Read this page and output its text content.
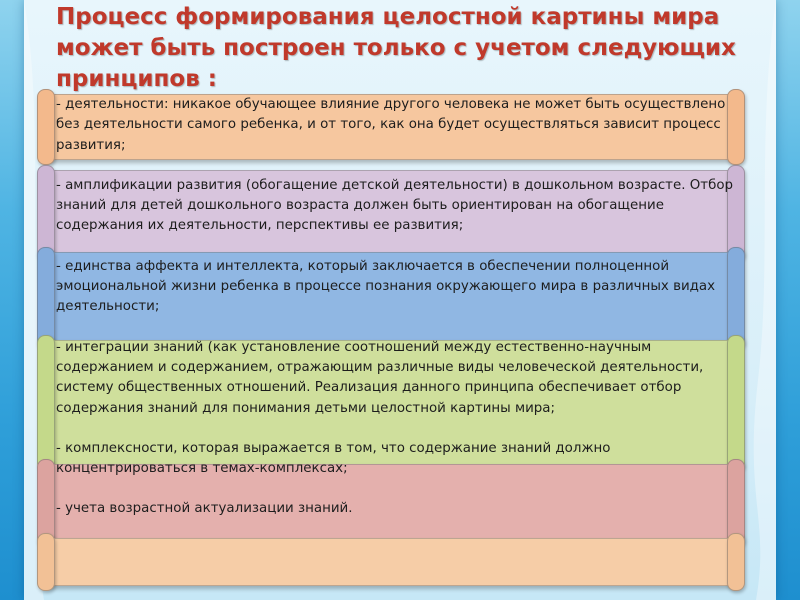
Процесс формирования целостной картины мира может быть построен только с учетом следующих принципов :

- деятельности: никакое обучающее влияние другого человека не может быть осуществлено без деятельности самого ребенка, и от того, как она будет осуществляться зависит процесс развития;

- амплификации развития (обогащение детской деятельности) в дошкольном возрасте. Отбор знаний для детей дошкольного возраста должен быть ориентирован на обогащение содержания их деятельности, перспективы ее развития;

- единства аффекта и интеллекта, который заключается в обеспечении полноценной эмоциональной жизни ребенка в процессе познания окружающего мира в различных видах деятельности;

- интеграции знаний (как установление соотношений между естественно-научным содержанием и содержанием, отражающим различные виды человеческой деятельности, систему общественных отношений. Реализация данного принципа обеспечивает отбор содержания знаний для понимания детьми целостной картины мира;

- комплексности, которая выражается в том, что содержание знаний должно концентрироваться в темах-комплексах;

- учета возрастной актуализации знаний.
